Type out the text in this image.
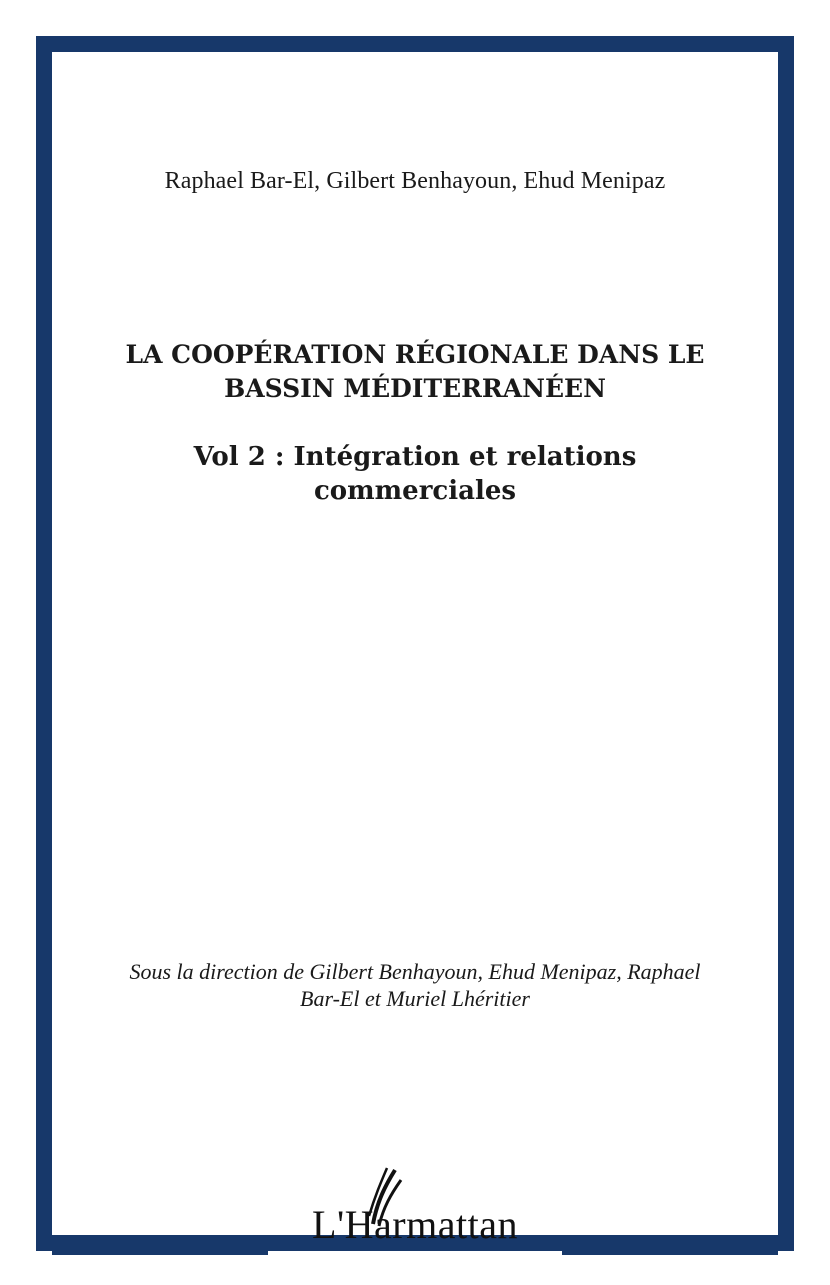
Raphael Bar-El, Gilbert Benhayoun, Ehud Menipaz
LA COOPÉRATION RÉGIONALE DANS LE
BASSIN MÉDITERRANÉEN
Vol 2 : Intégration et relations
commerciales
Sous la direction de Gilbert Benhayoun, Ehud Menipaz, Raphael
Bar-El et Muriel Lhéritier
L'Harmattan
